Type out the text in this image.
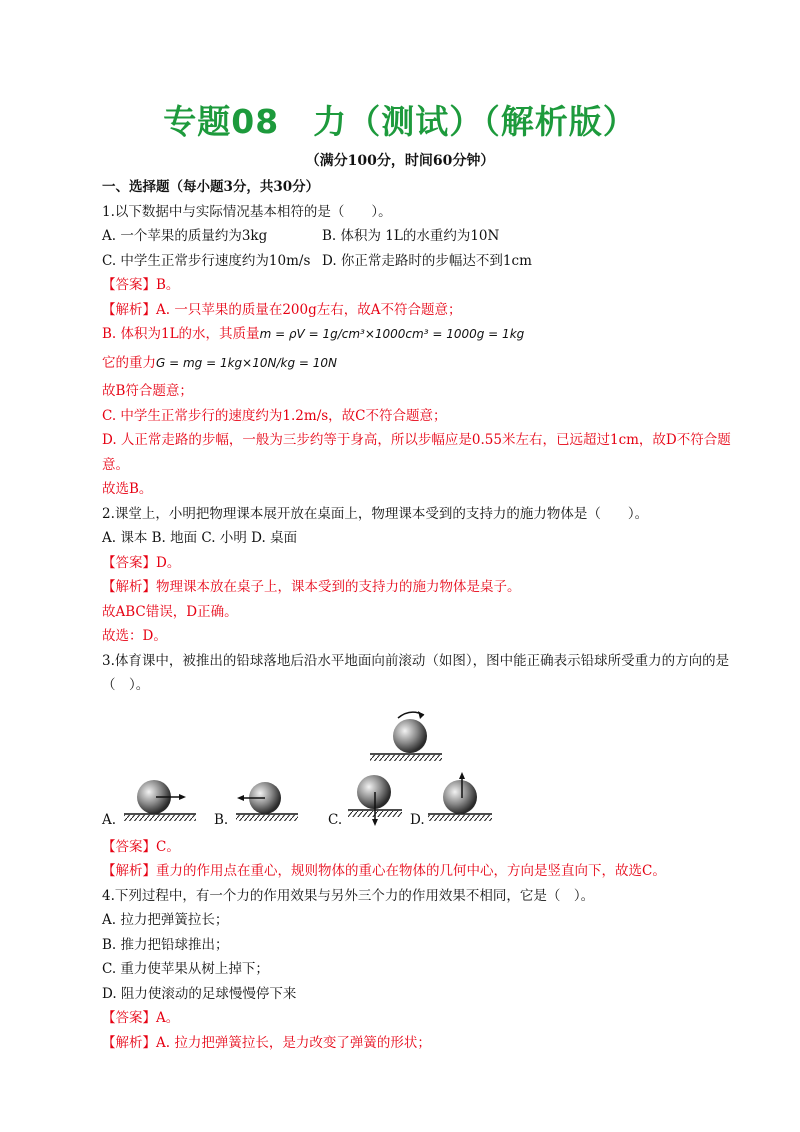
专题08　力（测试）（解析版）
（满分100分，时间60分钟）
一、选择题（每小题3分，共30分）
1.以下数据中与实际情况基本相符的是（　　）。
A. 一个苹果的质量约为3kg	B. 体积为 1L的水重约为10N
C. 中学生正常步行速度约为10m/s D. 你正常走路时的步幅达不到1cm
【答案】B。
【解析】A. 一只苹果的质量在200g左右，故A不符合题意；
B. 体积为1L的水，其质量m = ρV = 1g/cm³×1000cm³ = 1000g = 1kg
它的重力G = mg = 1kg×10N/kg = 10N
故B符合题意；
C. 中学生正常步行的速度约为1.2m/s，故C不符合题意；
D. 人正常走路的步幅，一般为三步约等于身高，所以步幅应是0.55米左右，已远超过1cm，故D不符合题意。
故选B。
2.课堂上，小明把物理课本展开放在桌面上，物理课本受到的支持力的施力物体是（　　）。
A. 课本 B. 地面 C. 小明 D. 桌面
【答案】D。
【解析】物理课本放在桌子上，课本受到的支持力的施力物体是桌子。
故ABC错误，D正确。
故选：D。
3.体育课中，被推出的铅球落地后沿水平地面向前滚动（如图），图中能正确表示铅球所受重力的方向的是（　）。
A.	B.	C.	D.
【答案】C。
【解析】重力的作用点在重心，规则物体的重心在物体的几何中心，方向是竖直向下，故选C。
4.下列过程中，有一个力的作用效果与另外三个力的作用效果不相同，它是（　）。
A. 拉力把弹簧拉长；
B. 推力把铅球推出；
C. 重力使苹果从树上掉下；
D. 阻力使滚动的足球慢慢停下来
【答案】A。
【解析】A. 拉力把弹簧拉长，是力改变了弹簧的形状；
